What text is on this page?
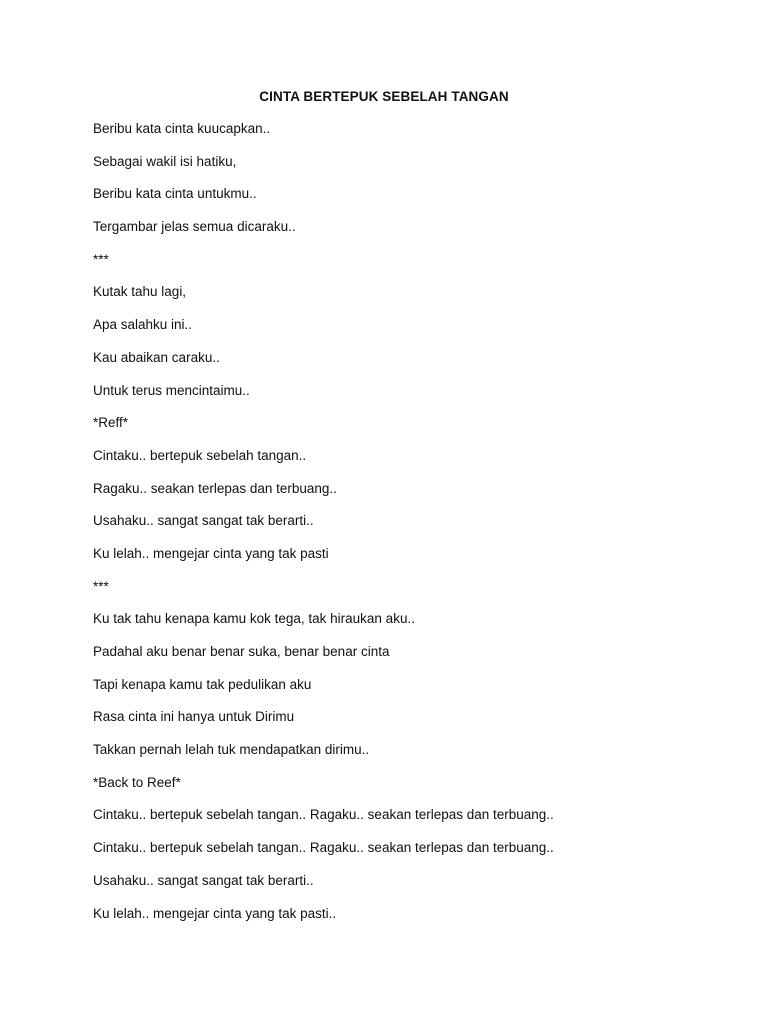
CINTA BERTEPUK SEBELAH TANGAN
Beribu kata cinta kuucapkan..
Sebagai wakil isi hatiku,
Beribu kata cinta untukmu..
Tergambar jelas semua dicaraku..
***
Kutak tahu lagi,
Apa salahku ini..
Kau abaikan caraku..
Untuk terus mencintaimu..
*Reff*
Cintaku.. bertepuk sebelah tangan..
Ragaku.. seakan terlepas dan terbuang..
Usahaku.. sangat sangat tak berarti..
Ku lelah.. mengejar cinta yang tak pasti
***
Ku tak tahu kenapa kamu kok tega, tak hiraukan aku..
Padahal aku benar benar suka, benar benar cinta
Tapi kenapa kamu tak pedulikan aku
Rasa cinta ini hanya untuk Dirimu
Takkan pernah lelah tuk mendapatkan dirimu..
*Back to Reef*
Cintaku.. bertepuk sebelah tangan.. Ragaku.. seakan terlepas dan terbuang..
Cintaku.. bertepuk sebelah tangan.. Ragaku.. seakan terlepas dan terbuang..
Usahaku.. sangat sangat tak berarti..
Ku lelah.. mengejar cinta yang tak pasti..
